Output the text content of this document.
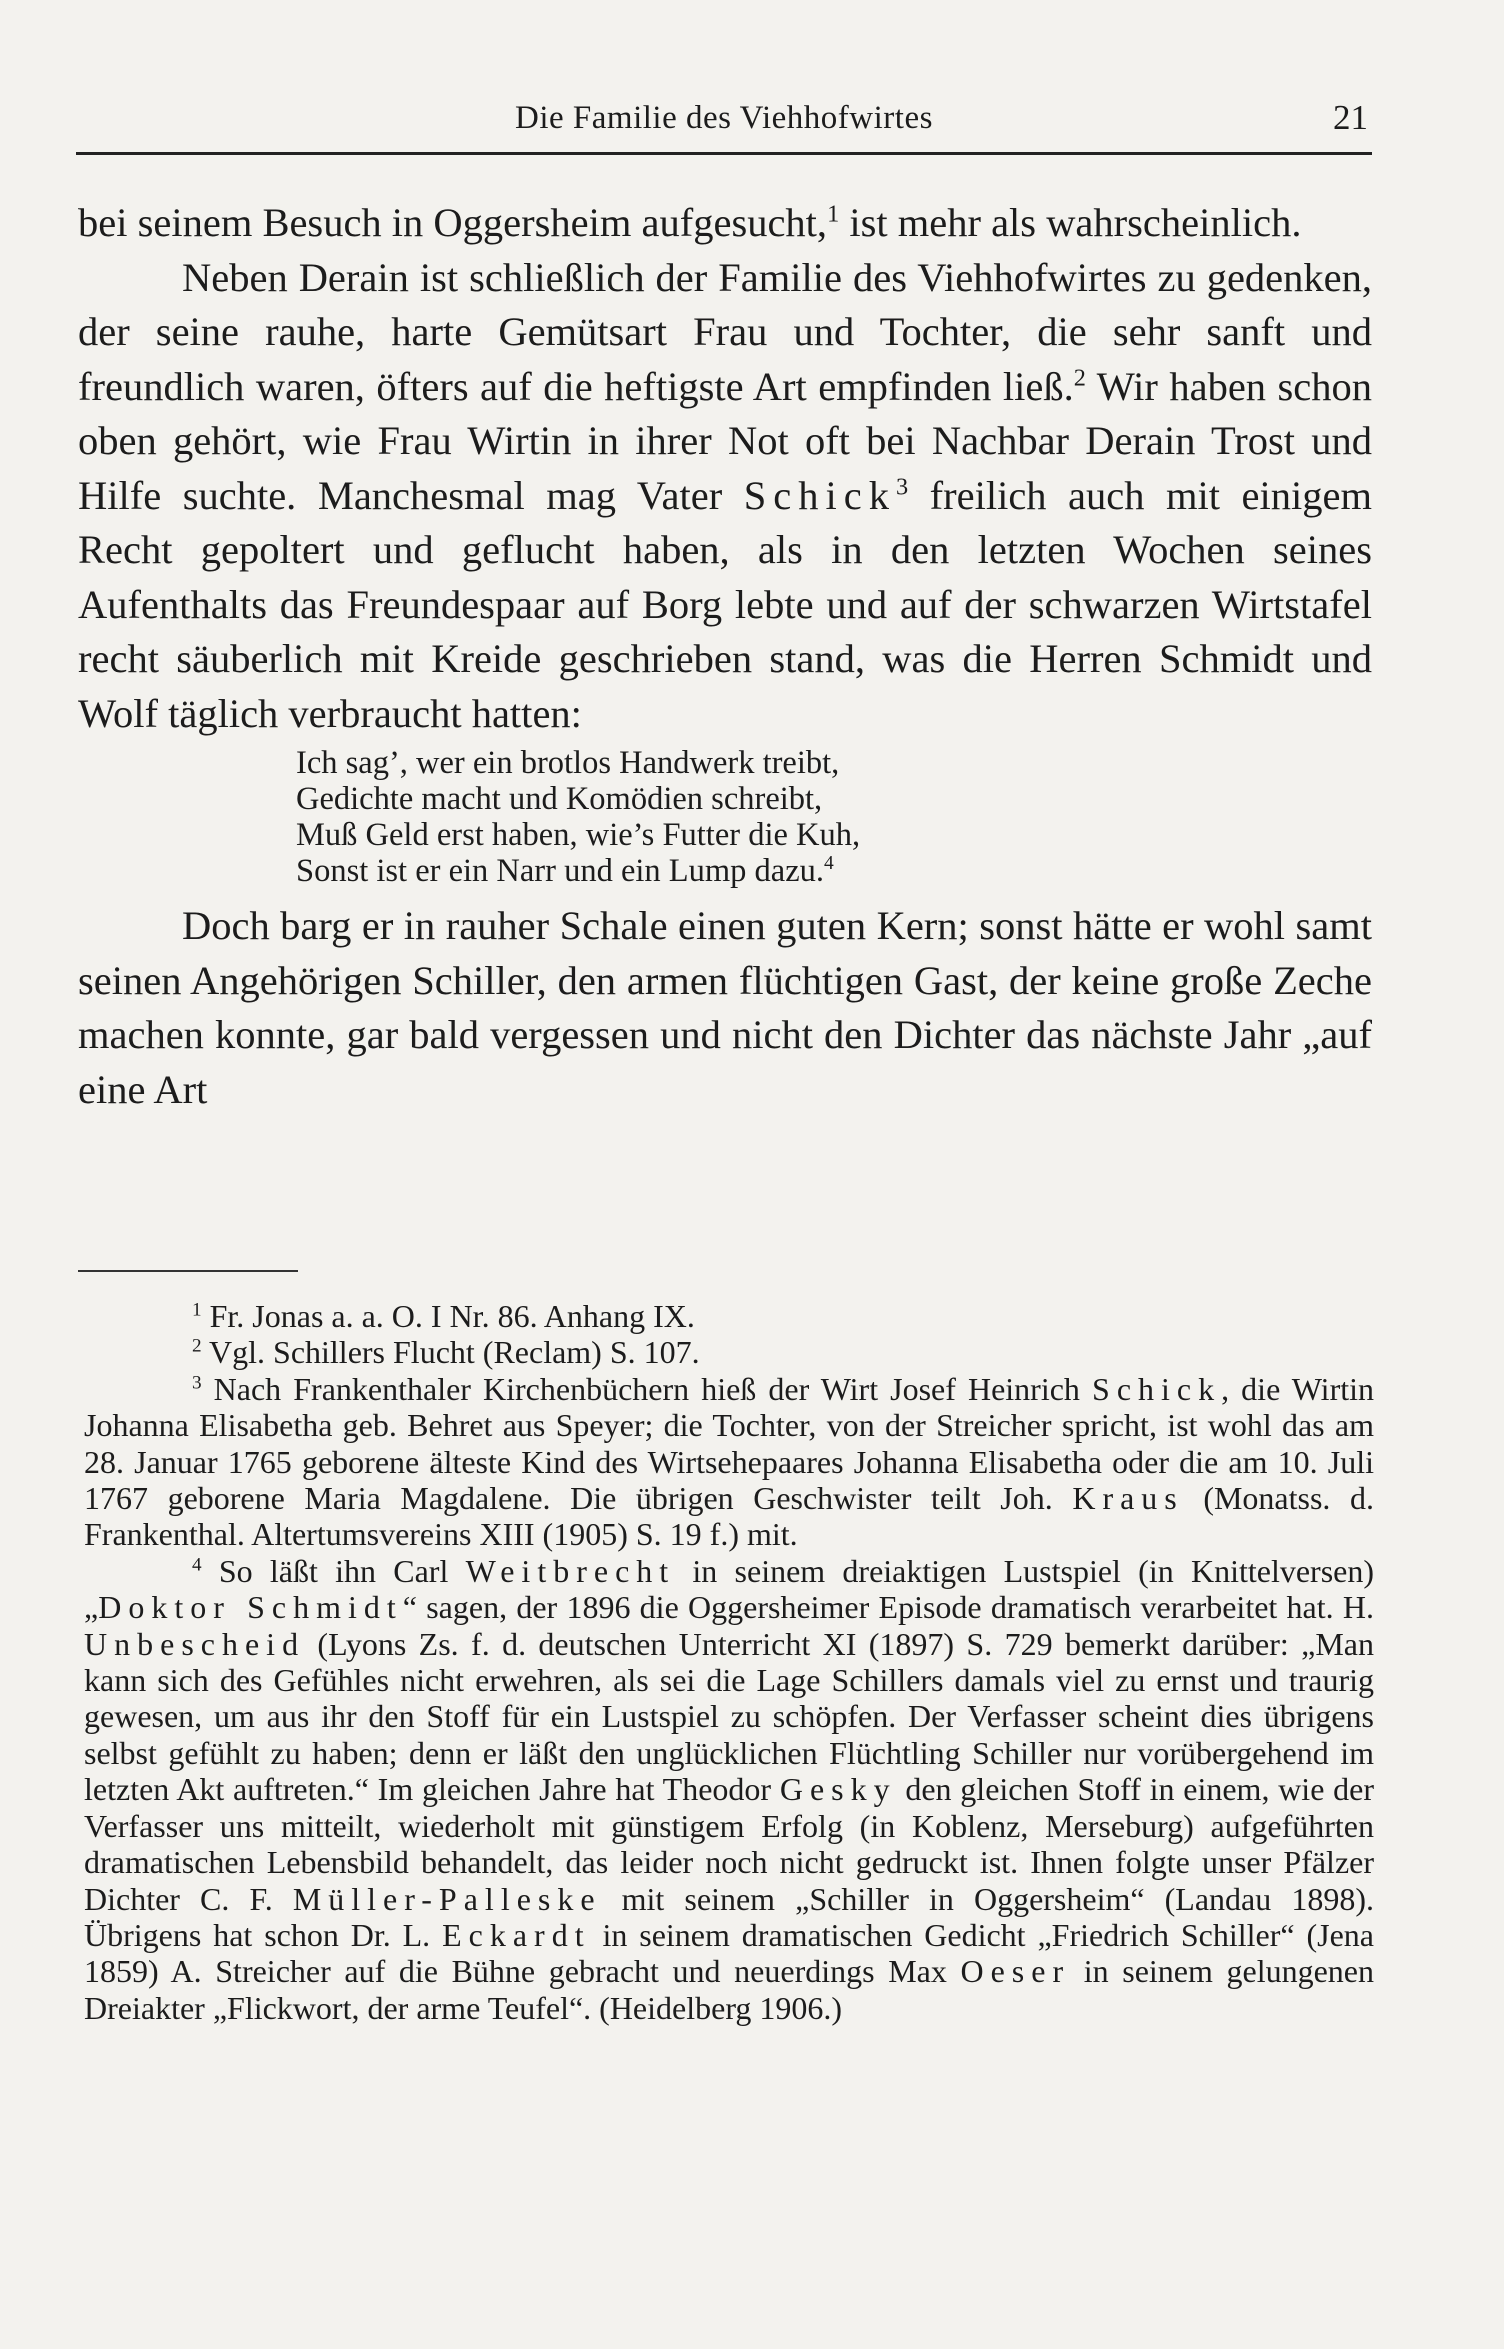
Die Familie des Viehhofwirtes	21

bei seinem Besuch in Oggersheim aufgesucht,$^1$ ist mehr als wahrscheinlich.

Neben Derain ist schließlich der Familie des Viehhofwirtes zu gedenken, der seine rauhe, harte Gemütsart Frau und Tochter, die sehr sanft und freundlich waren, öfters auf die heftigste Art empfinden ließ.$^2$ Wir haben schon oben gehört, wie Frau Wirtin in ihrer Not oft bei Nachbar Derain Trost und Hilfe suchte. Manchesmal mag Vater Schick$^3$ freilich auch mit einigem Recht gepoltert und geflucht haben, als in den letzten Wochen seines Aufenthalts das Freundespaar auf Borg lebte und auf der schwarzen Wirtstafel recht säuberlich mit Kreide geschrieben stand, was die Herren Schmidt und Wolf täglich verbraucht hatten:

Ich sag’, wer ein brotlos Handwerk treibt,
Gedichte macht und Komödien schreibt,
Muß Geld erst haben, wie’s Futter die Kuh,
Sonst ist er ein Narr und ein Lump dazu.$^4$

Doch barg er in rauher Schale einen guten Kern; sonst hätte er wohl samt seinen Angehörigen Schiller, den armen flüchtigen Gast, der keine große Zeche machen konnte, gar bald vergessen und nicht den Dichter das nächste Jahr „auf eine Art

$^1$ Fr. Jonas a. a. O. I Nr. 86. Anhang IX.

$^2$ Vgl. Schillers Flucht (Reclam) S. 107.

$^3$ Nach Frankenthaler Kirchenbüchern hieß der Wirt Josef Heinrich Schick, die Wirtin Johanna Elisabetha geb. Behret aus Speyer; die Tochter, von der Streicher spricht, ist wohl das am 28. Januar 1765 geborene älteste Kind des Wirtsehepaares Johanna Elisabetha oder die am 10. Juli 1767 geborene Maria Magdalene. Die übrigen Geschwister teilt Joh. Kraus (Monatss. d. Frankenthal. Altertumsvereins XIII (1905) S. 19 f.) mit.

$^4$ So läßt ihn Carl Weitbrecht in seinem dreiaktigen Lustspiel (in Knittelversen) „Doktor Schmidt“ sagen, der 1896 die Oggersheimer Episode dramatisch verarbeitet hat. H. Unbescheid (Lyons Zs. f. d. deutschen Unterricht XI (1897) S. 729 bemerkt darüber: „Man kann sich des Gefühles nicht erwehren, als sei die Lage Schillers damals viel zu ernst und traurig gewesen, um aus ihr den Stoff für ein Lustspiel zu schöpfen. Der Verfasser scheint dies übrigens selbst gefühlt zu haben; denn er läßt den unglücklichen Flüchtling Schiller nur vorübergehend im letzten Akt auftreten.“ Im gleichen Jahre hat Theodor Gesky den gleichen Stoff in einem, wie der Verfasser uns mitteilt, wiederholt mit günstigem Erfolg (in Koblenz, Merseburg) aufgeführten dramatischen Lebensbild behandelt, das leider noch nicht gedruckt ist. Ihnen folgte unser Pfälzer Dichter C. F. Müller-Palleske mit seinem „Schiller in Oggersheim“ (Landau 1898). Übrigens hat schon Dr. L. Eckardt in seinem dramatischen Gedicht „Friedrich Schiller“ (Jena 1859) A. Streicher auf die Bühne gebracht und neuerdings Max Oeser in seinem gelungenen Dreiakter „Flickwort, der arme Teufel“. (Heidelberg 1906.)
